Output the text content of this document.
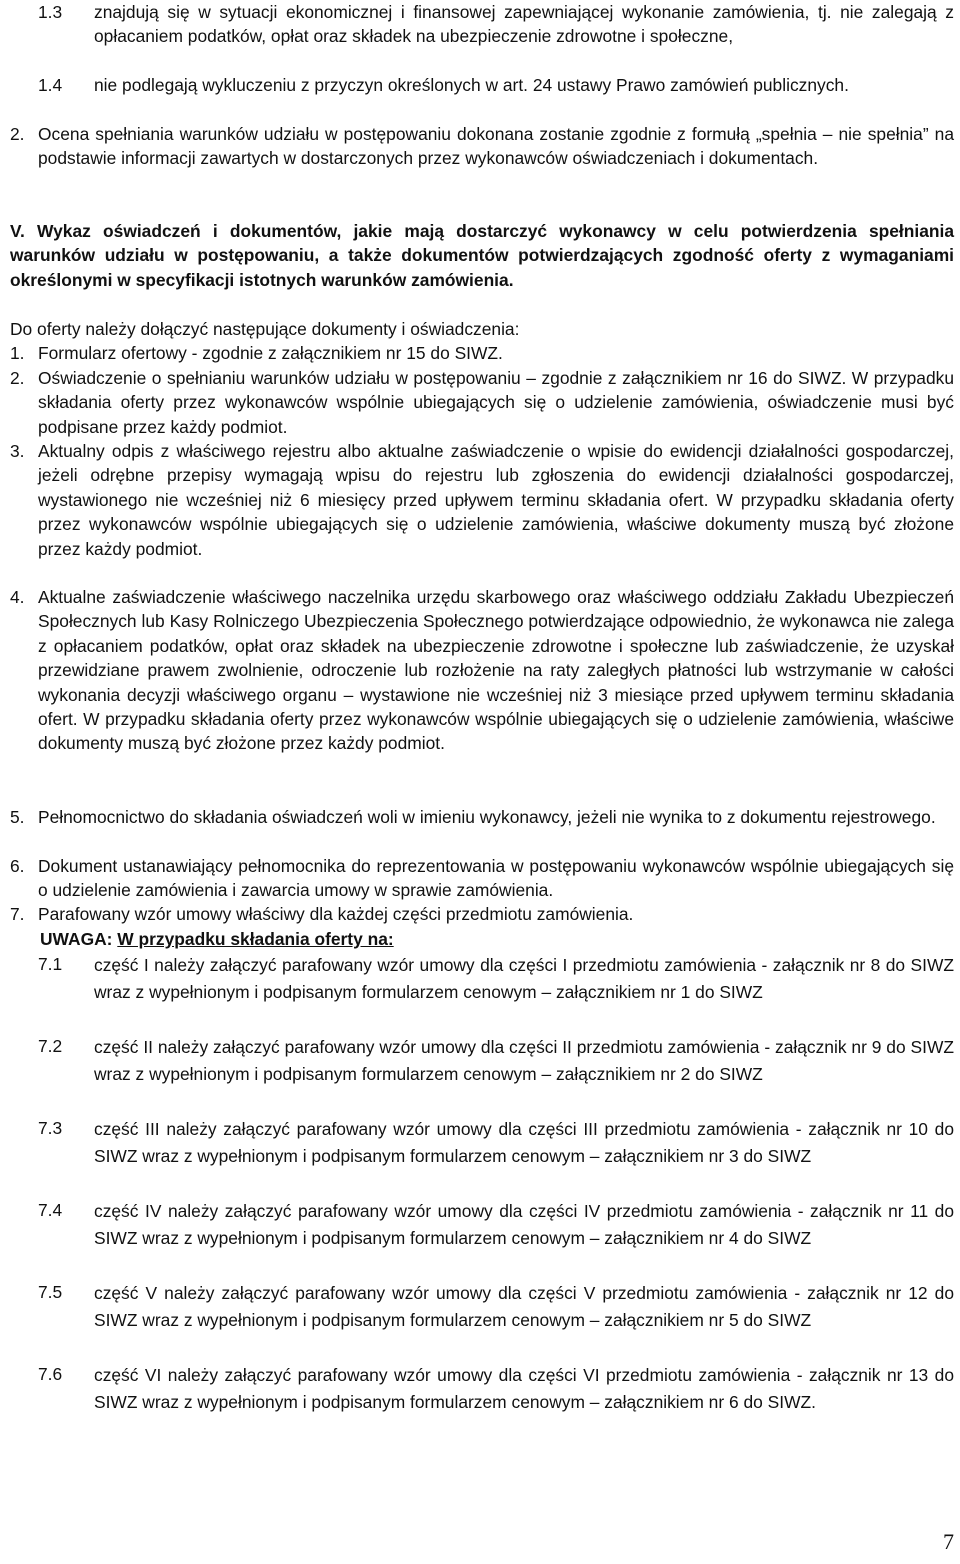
1.3 znajdują się w sytuacji ekonomicznej i finansowej zapewniającej wykonanie zamówienia, tj. nie zalegają z opłacaniem podatków, opłat oraz składek na ubezpieczenie zdrowotne i społeczne,

1.4 nie podlegają wykluczeniu z przyczyn określonych w art. 24 ustawy Prawo zamówień publicznych.

2. Ocena spełniania warunków udziału w postępowaniu dokonana zostanie zgodnie z formułą „spełnia – nie spełnia” na podstawie informacji zawartych w dostarczonych przez wykonawców oświadczeniach i dokumentach.

V. Wykaz oświadczeń i dokumentów, jakie mają dostarczyć wykonawcy w celu potwierdzenia spełniania warunków udziału w postępowaniu, a także dokumentów potwierdzających zgodność oferty z wymaganiami określonymi w specyfikacji istotnych warunków zamówienia.

Do oferty należy dołączyć następujące dokumenty i oświadczenia:

1. Formularz ofertowy - zgodnie z załącznikiem nr 15 do SIWZ.

2. Oświadczenie o spełnianiu warunków udziału w postępowaniu – zgodnie z załącznikiem nr 16 do SIWZ. W przypadku składania oferty przez wykonawców wspólnie ubiegających się o udzielenie zamówienia, oświadczenie musi być podpisane przez każdy podmiot.

3. Aktualny odpis z właściwego rejestru albo aktualne zaświadczenie o wpisie do ewidencji działalności gospodarczej, jeżeli odrębne przepisy wymagają wpisu do rejestru lub zgłoszenia do ewidencji działalności gospodarczej, wystawionego nie wcześniej niż 6 miesięcy przed upływem terminu składania ofert. W przypadku składania oferty przez wykonawców wspólnie ubiegających się o udzielenie zamówienia, właściwe dokumenty muszą być złożone przez każdy podmiot.

4. Aktualne zaświadczenie właściwego naczelnika urzędu skarbowego oraz właściwego oddziału Zakładu Ubezpieczeń Społecznych lub Kasy Rolniczego Ubezpieczenia Społecznego potwierdzające odpowiednio, że wykonawca nie zalega z opłacaniem podatków, opłat oraz składek na ubezpieczenie zdrowotne i społeczne lub zaświadczenie, że uzyskał przewidziane prawem zwolnienie, odroczenie lub rozłożenie na raty zaległych płatności lub wstrzymanie w całości wykonania decyzji właściwego organu – wystawione nie wcześniej niż 3 miesiące przed upływem terminu składania ofert. W przypadku składania oferty przez wykonawców wspólnie ubiegających się o udzielenie zamówienia, właściwe dokumenty muszą być złożone przez każdy podmiot.

5. Pełnomocnictwo do składania oświadczeń woli w imieniu wykonawcy, jeżeli nie wynika to z dokumentu rejestrowego.

6. Dokument ustanawiający pełnomocnika do reprezentowania w postępowaniu wykonawców wspólnie ubiegających się o udzielenie zamówienia i zawarcia umowy w sprawie zamówienia.

7. Parafowany wzór umowy właściwy dla każdej części przedmiotu zamówienia.

UWAGA: W przypadku składania oferty na:
7.1 część I należy załączyć parafowany wzór umowy dla części I przedmiotu zamówienia - załącznik nr 8 do SIWZ wraz z wypełnionym i podpisanym formularzem cenowym – załącznikiem nr 1 do SIWZ

7.2 część II należy załączyć parafowany wzór umowy dla części II przedmiotu zamówienia - załącznik nr 9 do SIWZ wraz z wypełnionym i podpisanym formularzem cenowym – załącznikiem nr 2 do SIWZ

7.3 część III należy załączyć parafowany wzór umowy dla części III przedmiotu zamówienia - załącznik nr 10 do SIWZ wraz z wypełnionym i podpisanym formularzem cenowym – załącznikiem nr 3 do SIWZ

7.4 część IV należy załączyć parafowany wzór umowy dla części IV przedmiotu zamówienia - załącznik nr 11 do SIWZ wraz z wypełnionym i podpisanym formularzem cenowym – załącznikiem nr 4 do SIWZ

7.5 część V należy załączyć parafowany wzór umowy dla części V przedmiotu zamówienia - załącznik nr 12 do SIWZ wraz z wypełnionym i podpisanym formularzem cenowym – załącznikiem nr 5 do SIWZ

7.6 część VI należy załączyć parafowany wzór umowy dla części VI przedmiotu zamówienia - załącznik nr 13 do SIWZ wraz z wypełnionym i podpisanym formularzem cenowym – załącznikiem nr 6 do SIWZ.

7
